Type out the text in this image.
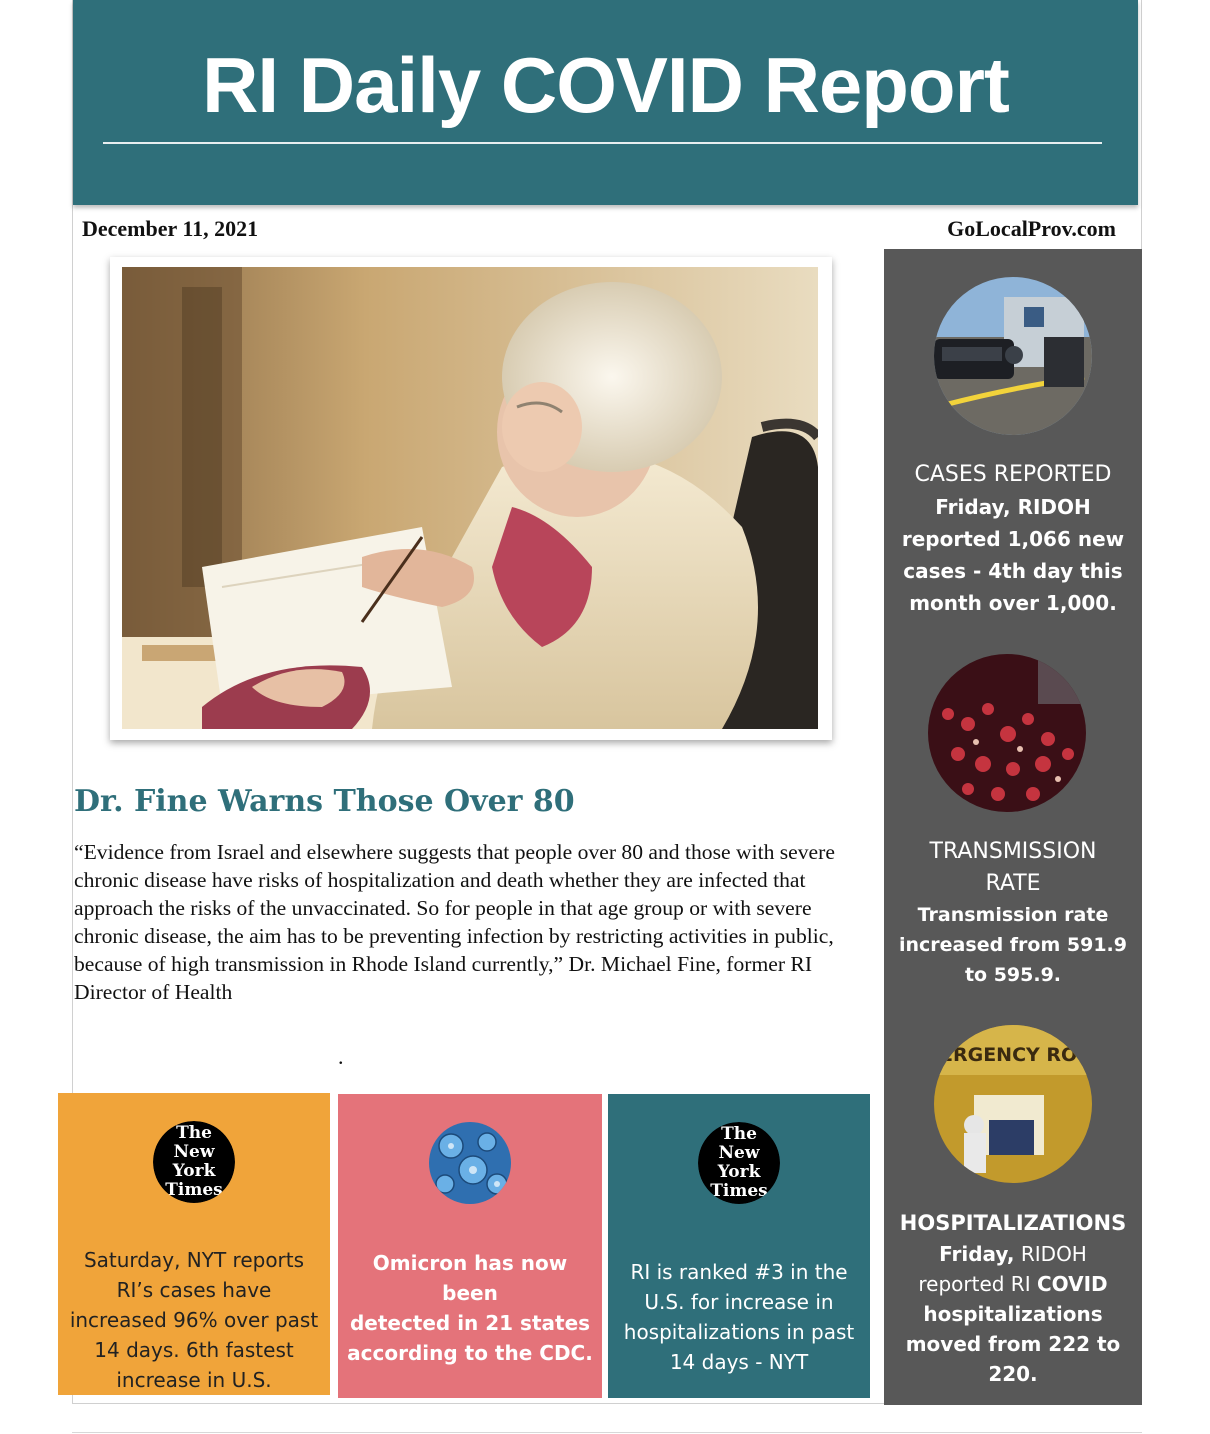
RI Daily COVID Report
December 11, 2021	GoLocalProv.com
Dr. Fine Warns Those Over 80
“Evidence from Israel and elsewhere suggests that people over 80 and those with severe chronic disease have risks of hospitalization and death whether they are infected that approach the risks of the unvaccinated. So for people in that age group or with severe chronic disease, the aim has to be preventing infection by restricting activities in public, because of high transmission in Rhode Island currently,” Dr. Michael Fine, former RI Director of Health
.
CASES REPORTED
Friday, RIDOH
reported 1,066 new
cases - 4th day this
month over 1,000.
TRANSMISSION
RATE
Transmission rate
increased from 591.9
to 595.9.
ERGENCY RO
HOSPITALIZATIONS
Friday, RIDOH
reported RI COVID
hospitalizations
moved from 222 to
220.
The
New York
Times
Saturday, NYT reports
RI’s cases have
increased 96% over past
14 days. 6th fastest
increase in U.S.
Omicron has now been
detected in 21 states
according to the CDC.
The
New York
Times
RI is ranked #3 in the
U.S. for increase in
hospitalizations in past
14 days - NYT
